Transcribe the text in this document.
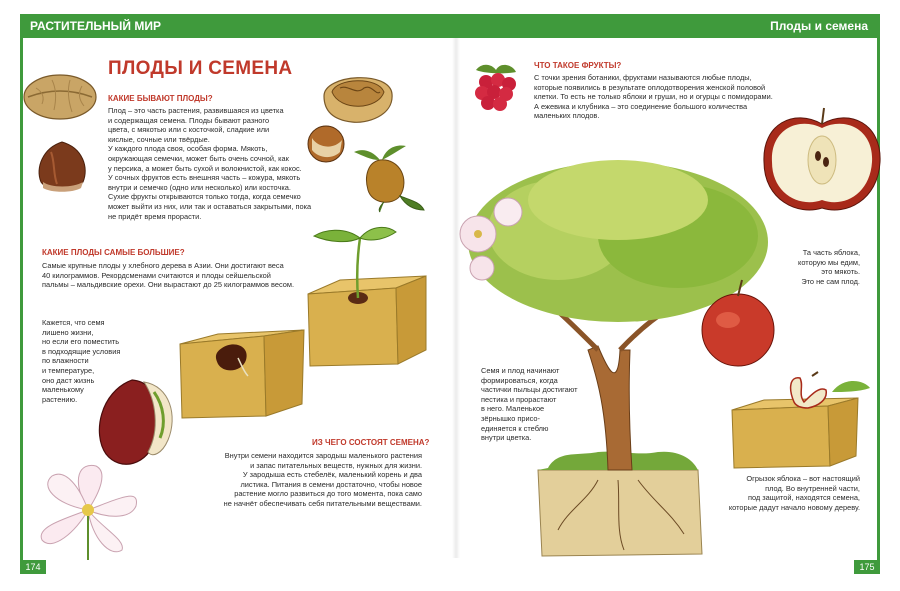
РАСТИТЕЛЬНЫЙ МИР	Плоды и семена
174	175
ПЛОДЫ И СЕМЕНА
КАКИЕ БЫВАЮТ ПЛОДЫ?

Плод – это часть растения, развившаяся из цветка

и содержащая семена. Плоды бывают разного

цвета, с мякотью или с косточкой, сладкие или

кислые, сочные или твёрдые.

У каждого плода своя, особая форма. Мякоть,

окружающая семечки, может быть очень сочной, как

у персика, а может быть сухой и волокнистой, как кокос.

У сочных фруктов есть внешняя часть – кожура, мякоть

внутри и семечко (одно или несколько) или косточка.

Сухие фрукты открываются только тогда, когда семечко

может выйти из них, или так и оставаться закрытыми, пока

не придёт время прорасти.

КАКИЕ ПЛОДЫ САМЫЕ БОЛЬШИЕ?

Самые крупные плоды у хлебного дерева в Азии. Они достигают веса

40 килограммов. Рекордсменами считаются и плоды сейшельской

пальмы – мальдивские орехи. Они вырастают до 25 килограммов весом.

Кажется, что семя

лишено жизни,

но если его поместить

в подходящие условия

по влажности

и температуре,

оно даст жизнь

маленькому

растению.

ИЗ ЧЕГО СОСТОЯТ СЕМЕНА?

Внутри семени находится зародыш маленького растения

и запас питательных веществ, нужных для жизни.

У зародыша есть стебелёк, маленький корень и два

листика. Питания в семени достаточно, чтобы новое

растение могло развиться до того момента, пока само

не начнёт обеспечивать себя питательными веществами.

ЧТО ТАКОЕ ФРУКТЫ?

С точки зрения ботаники, фруктами называются любые плоды,

которые появились в результате оплодотворения женской половой

клетки. То есть не только яблоки и груши, но и огурцы с помидорами.

А ежевика и клубника – это соединение большого количества

маленьких плодов.

Семя и плод начинают

формироваться, когда

частички пыльцы достигают

пестика и прорастают

в него. Маленькое

зёрнышко присо-

единяется к стеблю

внутри цветка.

Та часть яблока,

которую мы едим,

это мякоть.

Это не сам плод.

Огрызок яблока – вот настоящий

плод. Во внутренней части,

под защитой, находятся семена,

которые дадут начало новому дереву.
